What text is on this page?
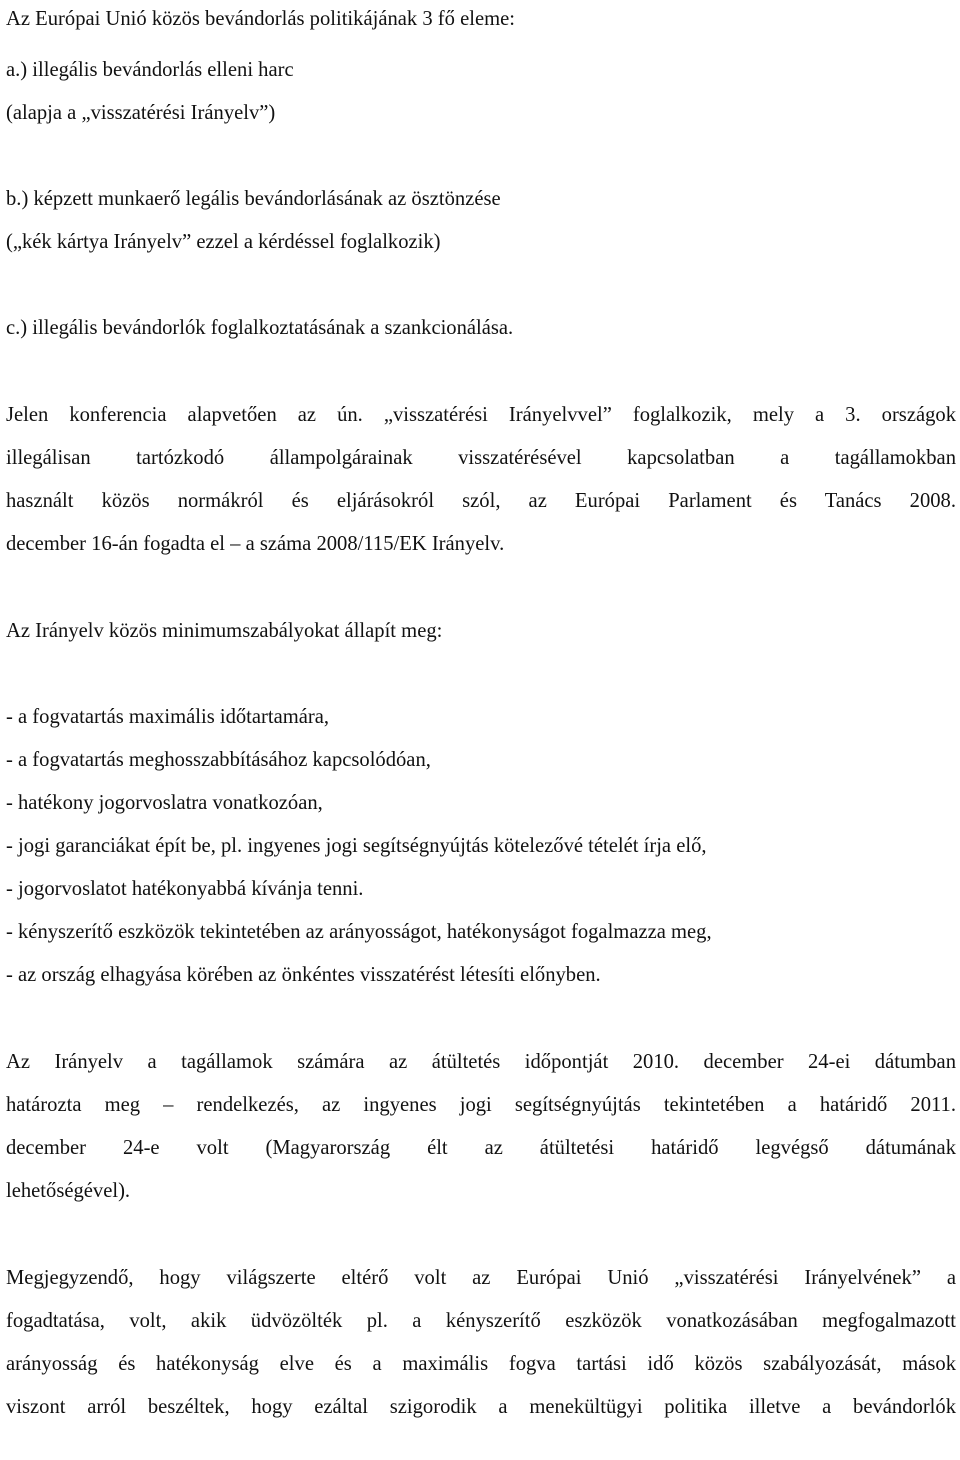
Az Európai Unió közös bevándorlás politikájának 3 fő eleme:
a.) illegális bevándorlás elleni harc
(alapja a „visszatérési Irányelv”)
b.) képzett munkaerő legális bevándorlásának az ösztönzése
(„kék kártya Irányelv” ezzel a kérdéssel foglalkozik)
c.) illegális bevándorlók foglalkoztatásának a szankcionálása.
Jelen konferencia alapvetően az ún. „visszatérési Irányelvvel” foglalkozik, mely a 3. országok
illegálisan tartózkodó állampolgárainak visszatérésével kapcsolatban a tagállamokban
használt közös normákról és eljárásokról szól, az Európai Parlament és Tanács 2008.
december 16-án fogadta el – a száma 2008/115/EK Irányelv.
Az Irányelv közös minimumszabályokat állapít meg:
- a fogvatartás maximális időtartamára,
- a fogvatartás meghosszabbításához kapcsolódóan,
- hatékony jogorvoslatra vonatkozóan,
- jogi garanciákat épít be, pl. ingyenes jogi segítségnyújtás kötelezővé tételét írja elő,
- jogorvoslatot hatékonyabbá kívánja tenni.
- kényszerítő eszközök tekintetében az arányosságot, hatékonyságot fogalmazza meg,
- az ország elhagyása körében az önkéntes visszatérést létesíti előnyben.
Az Irányelv a tagállamok számára az átültetés időpontját 2010. december 24-ei dátumban
határozta meg – rendelkezés, az ingyenes jogi segítségnyújtás tekintetében a határidő 2011.
december 24-e volt (Magyarország élt az átültetési határidő legvégső dátumának
lehetőségével).
Megjegyzendő, hogy világszerte eltérő volt az Európai Unió „visszatérési Irányelvének” a
fogadtatása, volt, akik üdvözölték pl. a kényszerítő eszközök vonatkozásában megfogalmazott
arányosság és hatékonyság elve és a maximális fogva tartási idő közös szabályozását, mások
viszont arról beszéltek, hogy ezáltal szigorodik a menekültügyi politika illetve a bevándorlók
